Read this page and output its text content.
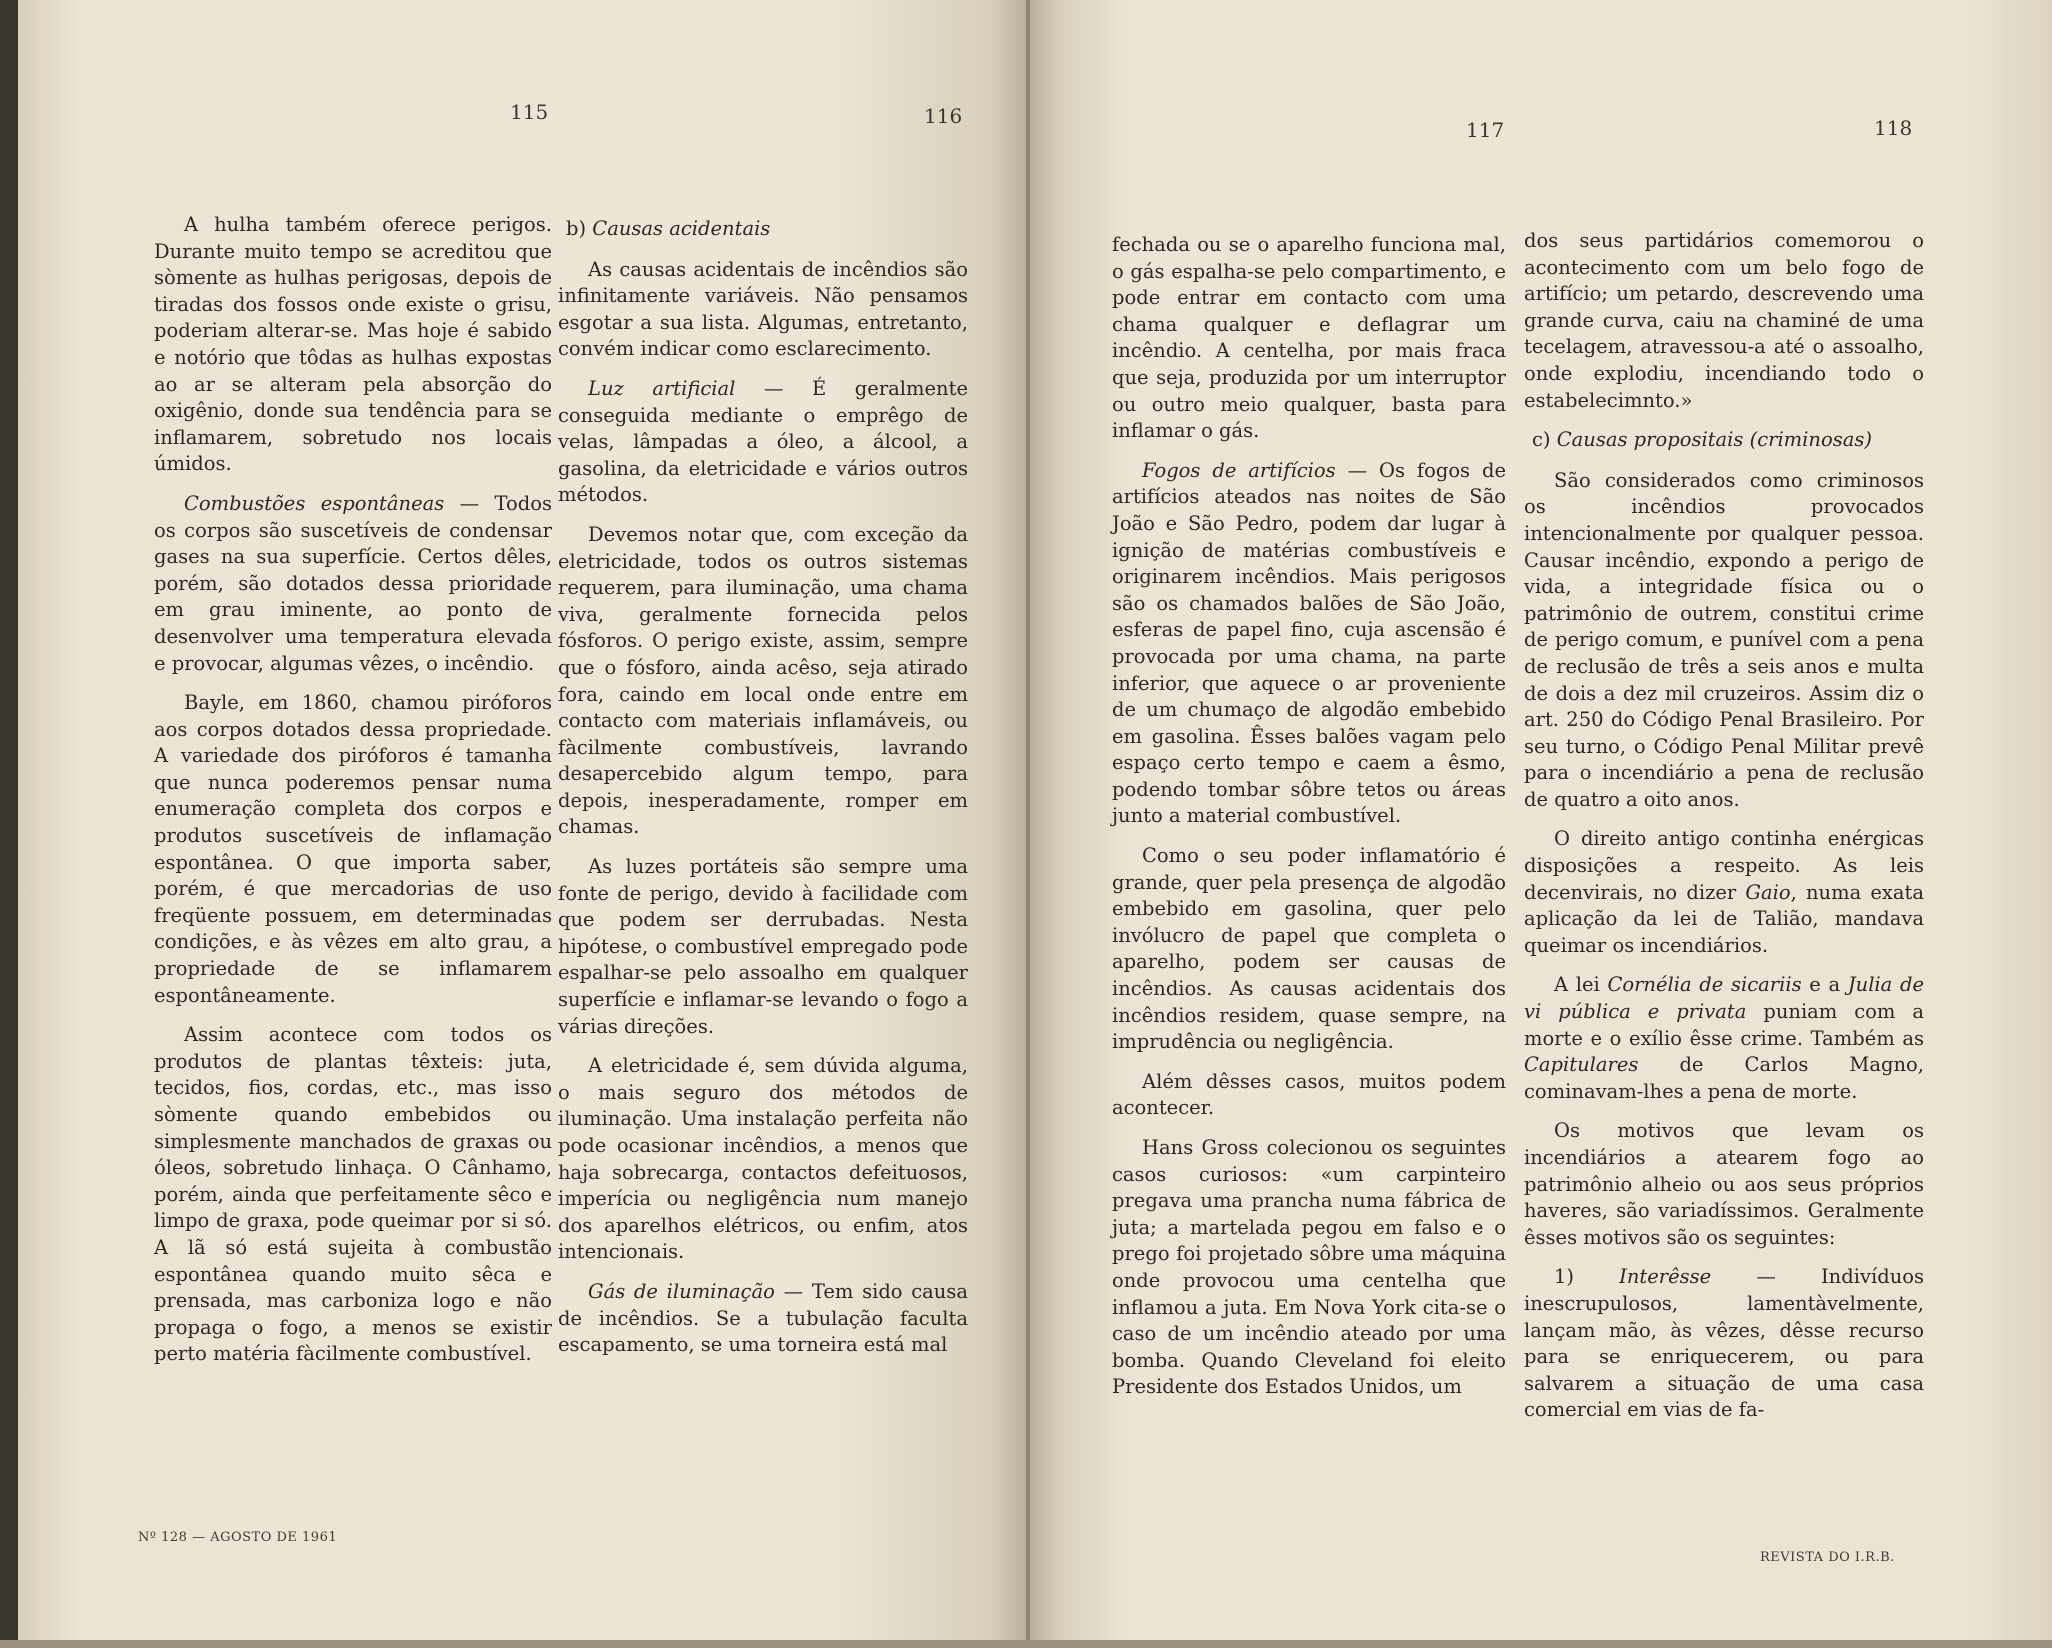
115	116

A hulha também oferece perigos. Durante muito tempo se acreditou que sòmente as hulhas perigosas, depois de tiradas dos fossos onde existe o grisu, poderiam alterar-se. Mas hoje é sabido e notório que tôdas as hulhas expostas ao ar se alteram pela absorção do oxigênio, donde sua tendência para se inflamarem, sobretudo nos locais úmidos.

Combustões espontâneas — Todos os corpos são suscetíveis de condensar gases na sua superfície. Certos dêles, porém, são dotados dessa prioridade em grau iminente, ao ponto de desenvolver uma temperatura elevada e provocar, algumas vêzes, o incêndio.

Bayle, em 1860, chamou piróforos aos corpos dotados dessa propriedade. A variedade dos piróforos é tamanha que nunca poderemos pensar numa enumeração completa dos corpos e produtos suscetíveis de inflamação espontânea. O que importa saber, porém, é que mercadorias de uso freqüente possuem, em determinadas condições, e às vêzes em alto grau, a propriedade de se inflamarem espontâneamente.

Assim acontece com todos os produtos de plantas têxteis: juta, tecidos, fios, cordas, etc., mas isso sòmente quando embebidos ou simplesmente manchados de graxas ou óleos, sobretudo linhaça. O Cânhamo, porém, ainda que perfeitamente sêco e limpo de graxa, pode queimar por si só. A lã só está sujeita à combustão espontânea quando muito sêca e prensada, mas carboniza logo e não propaga o fogo, a menos se existir perto matéria fàcilmente combustível.

b) Causas acidentais

As causas acidentais de incêndios são infinitamente variáveis. Não pensamos esgotar a sua lista. Algumas, entretanto, convém indicar como esclarecimento.

Luz artificial — É geralmente conseguida mediante o emprêgo de velas, lâmpadas a óleo, a álcool, a gasolina, da eletricidade e vários outros métodos.

Devemos notar que, com exceção da eletricidade, todos os outros sistemas requerem, para iluminação, uma chama viva, geralmente fornecida pelos fósforos. O perigo existe, assim, sempre que o fósforo, ainda acêso, seja atirado fora, caindo em local onde entre em contacto com materiais inflamáveis, ou fàcilmente combustíveis, lavrando desapercebido algum tempo, para depois, inesperadamente, romper em chamas.

As luzes portáteis são sempre uma fonte de perigo, devido à facilidade com que podem ser derrubadas. Nesta hipótese, o combustível empregado pode espalhar-se pelo assoalho em qualquer superfície e inflamar-se levando o fogo a várias direções.

A eletricidade é, sem dúvida alguma, o mais seguro dos métodos de iluminação. Uma instalação perfeita não pode ocasionar incêndios, a menos que haja sobrecarga, contactos defeituosos, imperícia ou negligência num manejo dos aparelhos elétricos, ou enfim, atos intencionais.

Gás de iluminação — Tem sido causa de incêndios. Se a tubulação faculta escapamento, se uma torneira está mal

Nº 128 — AGOSTO DE 1961
117	118

fechada ou se o aparelho funciona mal, o gás espalha-se pelo compartimento, e pode entrar em contacto com uma chama qualquer e deflagrar um incêndio. A centelha, por mais fraca que seja, produzida por um interruptor ou outro meio qualquer, basta para inflamar o gás.

Fogos de artifícios — Os fogos de artifícios ateados nas noites de São João e São Pedro, podem dar lugar à ignição de matérias combustíveis e originarem incêndios. Mais perigosos são os chamados balões de São João, esferas de papel fino, cuja ascensão é provocada por uma chama, na parte inferior, que aquece o ar proveniente de um chumaço de algodão embebido em gasolina. Êsses balões vagam pelo espaço certo tempo e caem a êsmo, podendo tombar sôbre tetos ou áreas junto a material combustível.

Como o seu poder inflamatório é grande, quer pela presença de algodão embebido em gasolina, quer pelo invólucro de papel que completa o aparelho, podem ser causas de incêndios. As causas acidentais dos incêndios residem, quase sempre, na imprudência ou negligência.

Além dêsses casos, muitos podem acontecer.

Hans Gross colecionou os seguintes casos curiosos: «um carpinteiro pregava uma prancha numa fábrica de juta; a martelada pegou em falso e o prego foi projetado sôbre uma máquina onde provocou uma centelha que inflamou a juta. Em Nova York cita-se o caso de um incêndio ateado por uma bomba. Quando Cleveland foi eleito Presidente dos Estados Unidos, um

dos seus partidários comemorou o acontecimento com um belo fogo de artifício; um petardo, descrevendo uma grande curva, caiu na chaminé de uma tecelagem, atravessou-a até o assoalho, onde explodiu, incendiando todo o estabelecimnto.»

c) Causas propositais (criminosas)

São considerados como criminosos os incêndios provocados intencionalmente por qualquer pessoa. Causar incêndio, expondo a perigo de vida, a integridade física ou o patrimônio de outrem, constitui crime de perigo comum, e punível com a pena de reclusão de três a seis anos e multa de dois a dez mil cruzeiros. Assim diz o art. 250 do Código Penal Brasileiro. Por seu turno, o Código Penal Militar prevê para o incendiário a pena de reclusão de quatro a oito anos.

O direito antigo continha enérgicas disposições a respeito. As leis decenvirais, no dizer Gaio, numa exata aplicação da lei de Talião, mandava queimar os incendiários.

A lei Cornélia de sicariis e a Julia de vi pública e privata puniam com a morte e o exílio êsse crime. Também as Capitulares de Carlos Magno, cominavam-lhes a pena de morte.

Os motivos que levam os incendiários a atearem fogo ao patrimônio alheio ou aos seus próprios haveres, são variadíssimos. Geralmente êsses motivos são os seguintes:

1) Interêsse — Indivíduos inescrupulosos, lamentàvelmente, lançam mão, às vêzes, dêsse recurso para se enriquecerem, ou para salvarem a situação de uma casa comercial em vias de fa-

REVISTA DO I.R.B.
